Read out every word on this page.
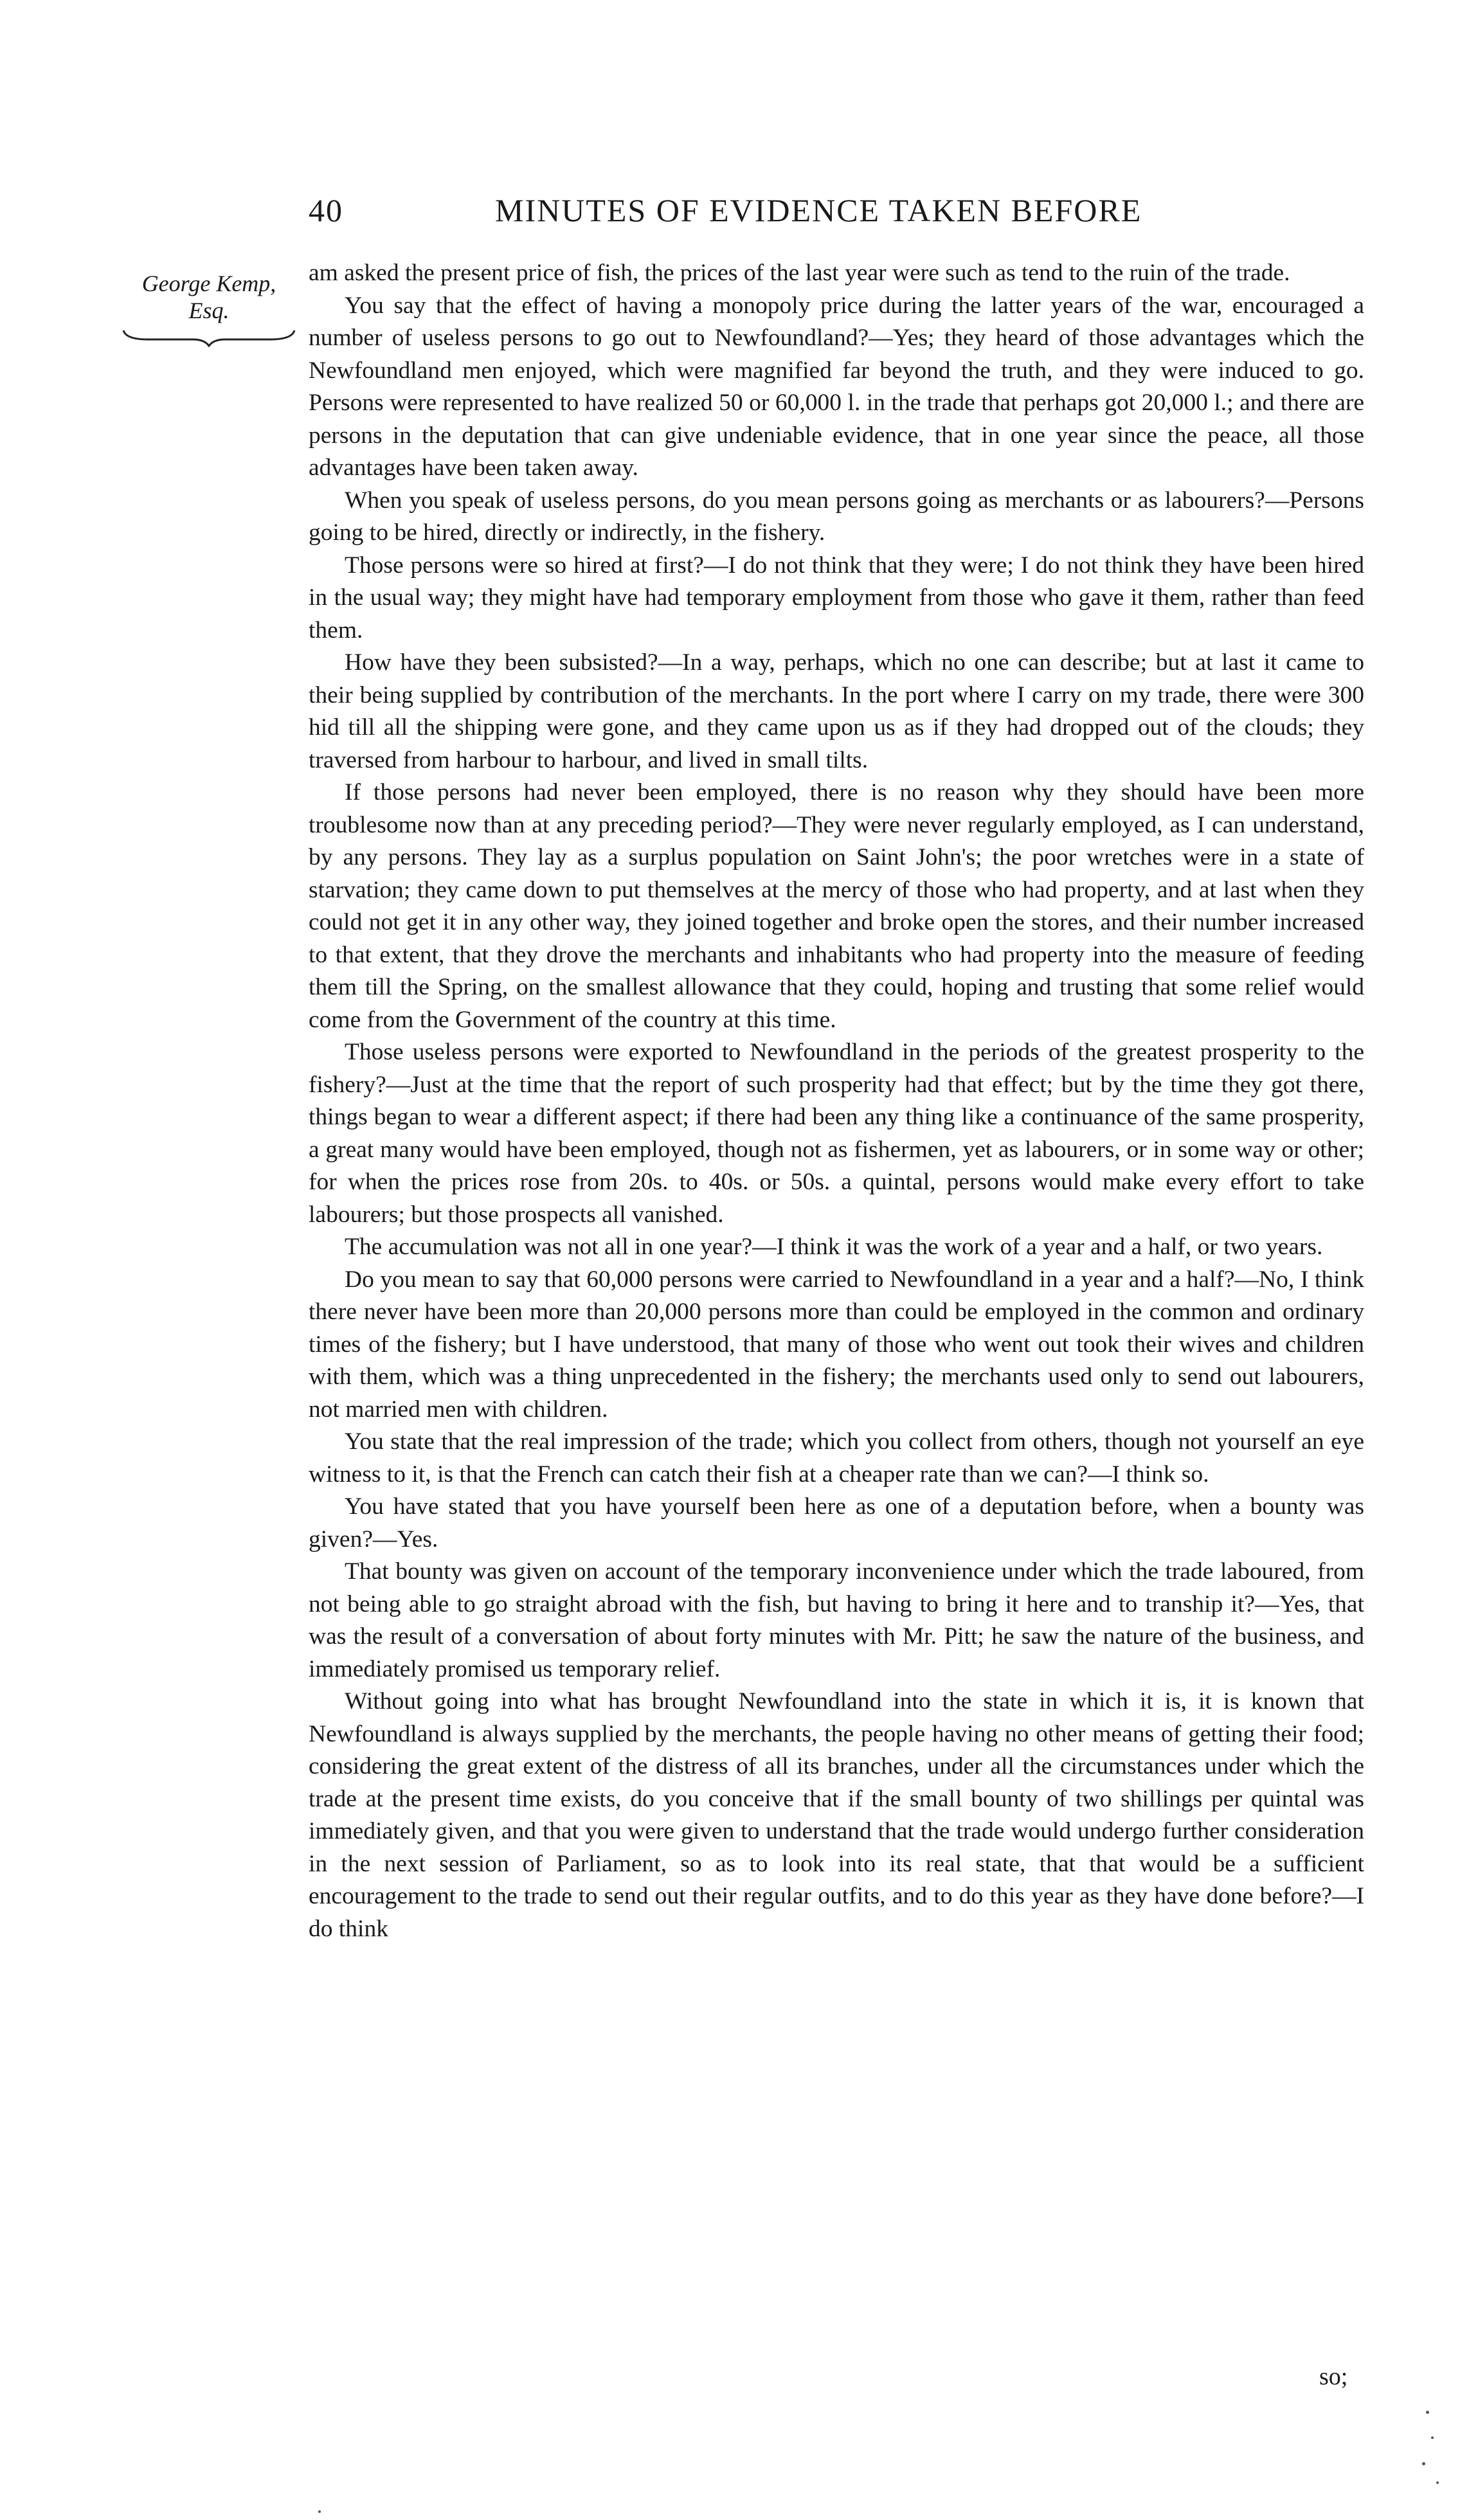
40	MINUTES OF EVIDENCE TAKEN BEFORE
George Kemp,
Esq.

am asked the present price of fish, the prices of the last year were such as tend to the ruin of the trade.

You say that the effect of having a monopoly price during the latter years of the war, encouraged a number of useless persons to go out to Newfoundland?—Yes; they heard of those advantages which the Newfoundland men enjoyed, which were magnified far beyond the truth, and they were induced to go. Persons were represented to have realized 50 or 60,000 l. in the trade that perhaps got 20,000 l.; and there are persons in the deputation that can give undeniable evidence, that in one year since the peace, all those advantages have been taken away.

When you speak of useless persons, do you mean persons going as merchants or as labourers?—Persons going to be hired, directly or indirectly, in the fishery.

Those persons were so hired at first?—I do not think that they were; I do not think they have been hired in the usual way; they might have had temporary employment from those who gave it them, rather than feed them.

How have they been subsisted?—In a way, perhaps, which no one can describe; but at last it came to their being supplied by contribution of the merchants. In the port where I carry on my trade, there were 300 hid till all the shipping were gone, and they came upon us as if they had dropped out of the clouds; they traversed from harbour to harbour, and lived in small tilts.

If those persons had never been employed, there is no reason why they should have been more troublesome now than at any preceding period?—They were never regularly employed, as I can understand, by any persons. They lay as a surplus population on Saint John's; the poor wretches were in a state of starvation; they came down to put themselves at the mercy of those who had property, and at last when they could not get it in any other way, they joined together and broke open the stores, and their number increased to that extent, that they drove the merchants and inhabitants who had property into the measure of feeding them till the Spring, on the smallest allowance that they could, hoping and trusting that some relief would come from the Government of the country at this time.

Those useless persons were exported to Newfoundland in the periods of the greatest prosperity to the fishery?—Just at the time that the report of such prosperity had that effect; but by the time they got there, things began to wear a different aspect; if there had been any thing like a continuance of the same prosperity, a great many would have been employed, though not as fishermen, yet as labourers, or in some way or other; for when the prices rose from 20s. to 40s. or 50s. a quintal, persons would make every effort to take labourers; but those prospects all vanished.

The accumulation was not all in one year?—I think it was the work of a year and a half, or two years.

Do you mean to say that 60,000 persons were carried to Newfoundland in a year and a half?—No, I think there never have been more than 20,000 persons more than could be employed in the common and ordinary times of the fishery; but I have understood, that many of those who went out took their wives and children with them, which was a thing unprecedented in the fishery; the merchants used only to send out labourers, not married men with children.

You state that the real impression of the trade; which you collect from others, though not yourself an eye witness to it, is that the French can catch their fish at a cheaper rate than we can?—I think so.

You have stated that you have yourself been here as one of a deputation before, when a bounty was given?—Yes.

That bounty was given on account of the temporary inconvenience under which the trade laboured, from not being able to go straight abroad with the fish, but having to bring it here and to tranship it?—Yes, that was the result of a conversation of about forty minutes with Mr. Pitt; he saw the nature of the business, and immediately promised us temporary relief.

Without going into what has brought Newfoundland into the state in which it is, it is known that Newfoundland is always supplied by the merchants, the people having no other means of getting their food; considering the great extent of the distress of all its branches, under all the circumstances under which the trade at the present time exists, do you conceive that if the small bounty of two shillings per quintal was immediately given, and that you were given to understand that the trade would undergo further consideration in the next session of Parliament, so as to look into its real state, that that would be a sufficient encouragement to the trade to send out their regular outfits, and to do this year as they have done before?—I do think

so;
